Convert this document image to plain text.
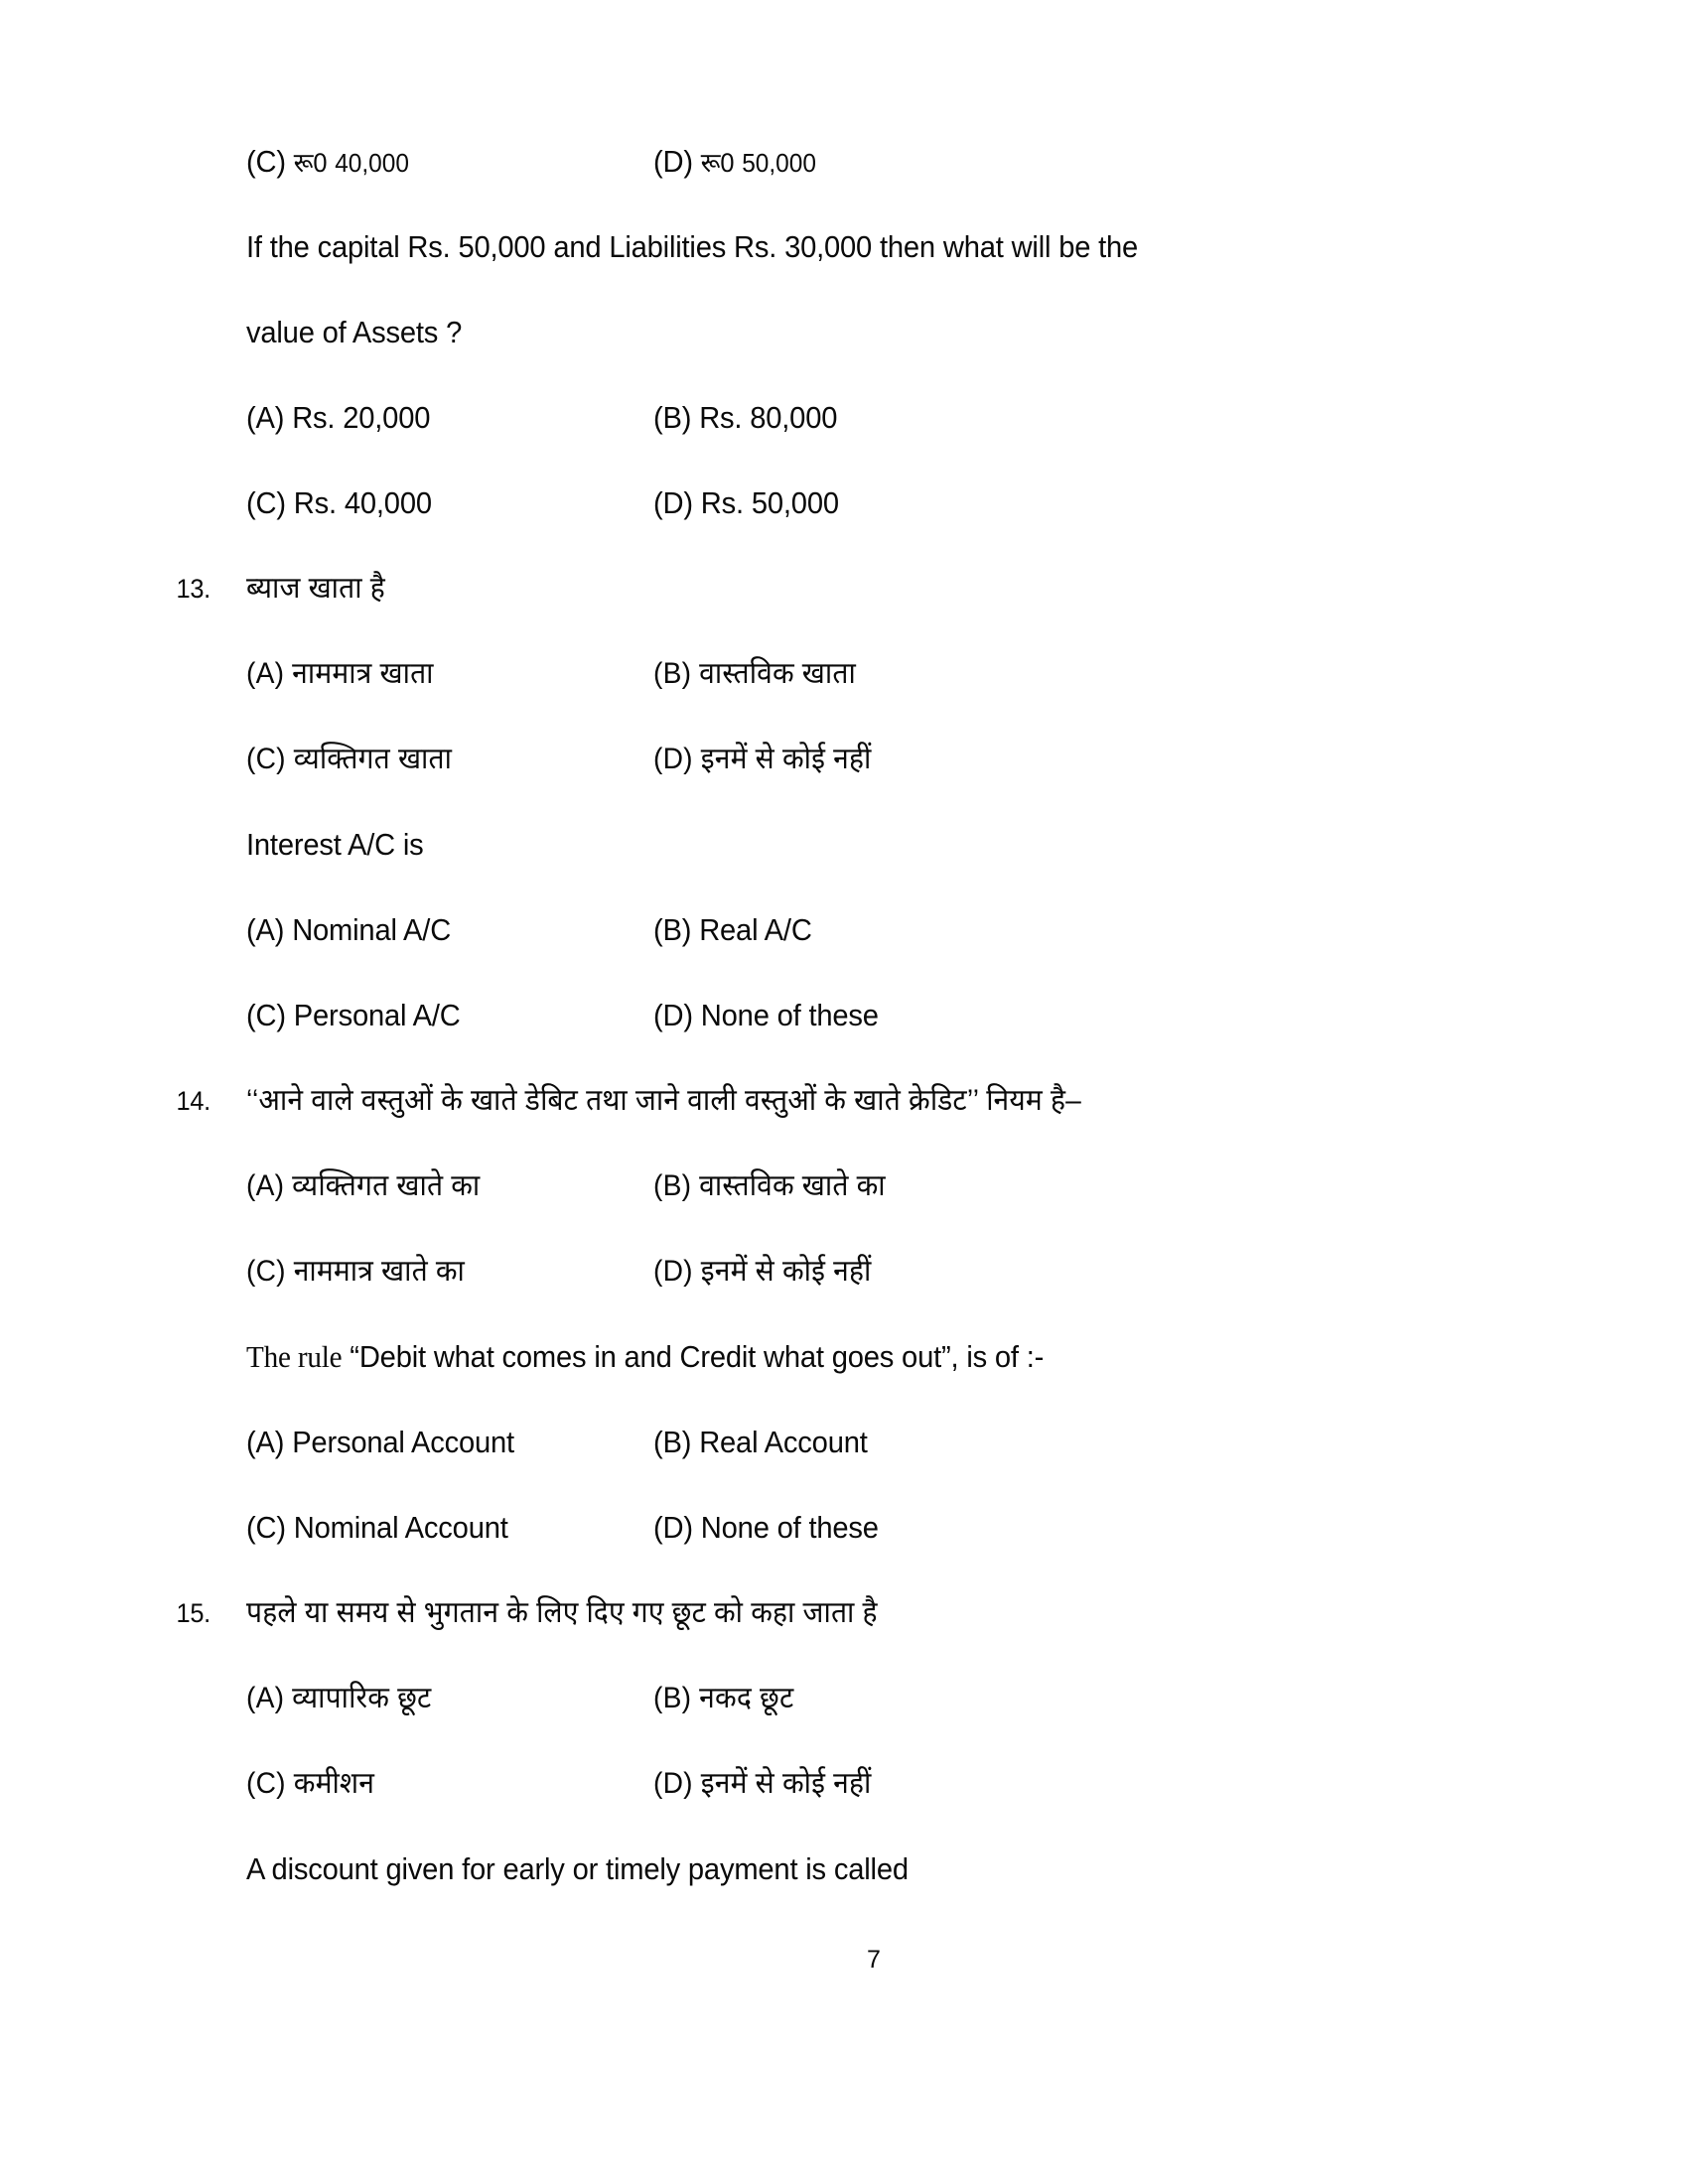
(C) रू0 40,000	(D) रू0 50,000
If the capital Rs. 50,000 and Liabilities Rs. 30,000 then what will be the
value of Assets ?
(A) Rs. 20,000	(B) Rs. 80,000
(C) Rs. 40,000	(D) Rs. 50,000
13.	ब्याज खाता है
(A) नाममात्र खाता	(B) वास्तविक खाता
(C) व्यक्तिगत खाता	(D) इनमें से कोई नहीं
Interest A/C is
(A) Nominal A/C	(B) Real A/C
(C) Personal A/C	(D) None of these
14.	‘‘आने वाले वस्तुओं के खाते डेबिट तथा जाने वाली वस्तुओं के खाते क्रेडिट’’ नियम है–
(A) व्यक्तिगत खाते का	(B) वास्तविक खाते का
(C) नाममात्र खाते का	(D) इनमें से कोई नहीं
The rule “Debit what comes in and Credit what goes out”, is of :-
(A) Personal Account	(B) Real Account
(C) Nominal Account	(D) None of these
15.	पहले या समय से भुगतान के लिए दिए गए छूट को कहा जाता है
(A) व्यापारिक छूट	(B) नकद छूट
(C) कमीशन	(D) इनमें से कोई नहीं
A discount given for early or timely payment is called
7
